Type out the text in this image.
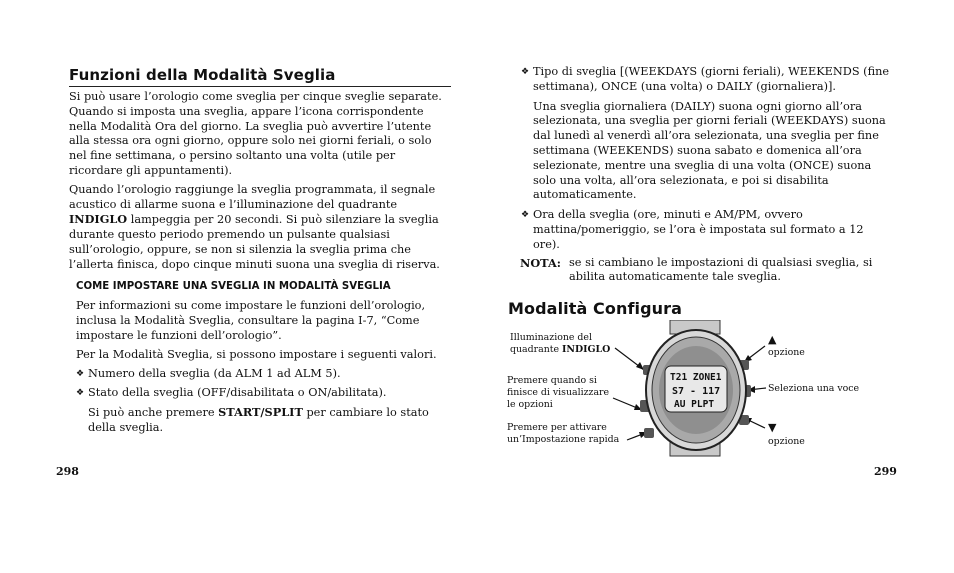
Funzioni della Modalità Sveglia

Si può usare l’orologio come sveglia per cinque sveglie separate. Quando si imposta una sveglia, appare l’icona corrispondente nella Modalità Ora del giorno. La sveglia può avvertire l’utente alla stessa ora ogni giorno, oppure solo nei giorni feriali, o solo nel fine settimana, o persino soltanto una volta (utile per ricordare gli appuntamenti).

Quando l’orologio raggiunge la sveglia programmata, il segnale acustico di allarme suona e l’illuminazione del quadrante INDIGLO lampeggia per 20 secondi. Si può silenziare la sveglia durante questo periodo premendo un pulsante qualsiasi sull’orologio, oppure, se non si silenzia la sveglia prima che l’allerta finisca, dopo cinque minuti suona una sveglia di riserva.

COME IMPOSTARE UNA SVEGLIA IN MODALITÀ SVEGLIA

Per informazioni su come impostare le funzioni dell’orologio, inclusa la Modalità Sveglia, consultare la pagina I-7, “Come impostare le funzioni dell’orologio”.

Per la Modalità Sveglia, si possono impostare i seguenti valori.

❖ Numero della sveglia (da ALM 1 ad ALM 5).

❖ Stato della sveglia (OFF/disabilitata o ON/abilitata).

Si può anche premere START/SPLIT per cambiare lo stato della sveglia.

298

❖ Tipo di sveglia [(WEEKDAYS (giorni feriali), WEEKENDS (fine settimana), ONCE (una volta) o DAILY (giornaliera)].

Una sveglia giornaliera (DAILY) suona ogni giorno all’ora selezionata, una sveglia per giorni feriali (WEEKDAYS) suona dal lunedì al venerdì all’ora selezionata, una sveglia per fine settimana (WEEKENDS) suona sabato e domenica all’ora selezionate, mentre una sveglia di una volta (ONCE) suona solo una volta, all’ora selezionata, e poi si disabilita automaticamente.

❖ Ora della sveglia (ore, minuti e AM/PM, ovvero mattina/pomeriggio, se l’ora è impostata sul formato a 12 ore).

NOTA: se si cambiano le impostazioni di qualsiasi sveglia, si abilita automaticamente tale sveglia.
Modalità Configura
Illuminazione del
quadrante INDIGLO
Premere quando si finisce di visualizzare le opzioni
Premere per attivare un’Impostazione rapida
▲
opzione
Seleziona una voce
▼
opzione
T21 ZONE1
S7 - 117
AU PLPT
299
